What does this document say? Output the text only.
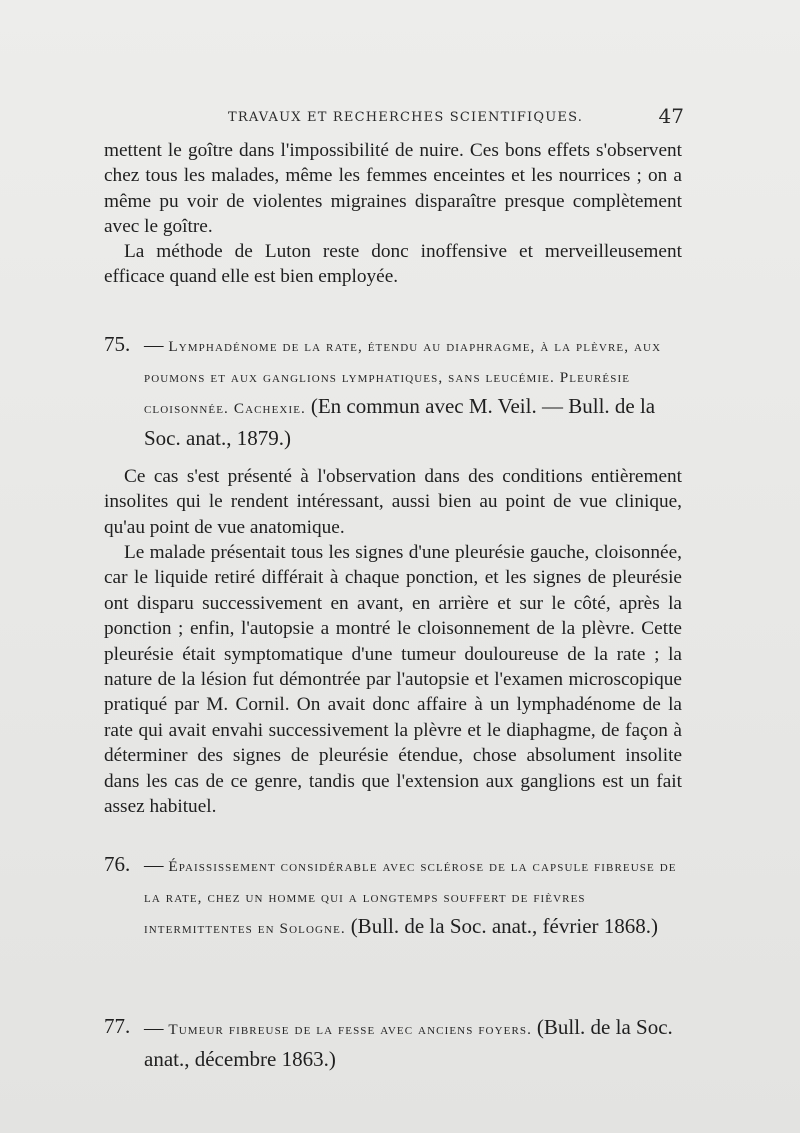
TRAVAUX ET RECHERCHES SCIENTIFIQUES.	47

mettent le goître dans l'impossibilité de nuire. Ces bons effets s'observent chez tous les malades, même les femmes enceintes et les nourrices ; on a même pu voir de violentes migraines disparaître presque complètement avec le goître.

La méthode de Luton reste donc inoffensive et merveilleusement efficace quand elle est bien employée.

75. — Lymphadénome de la rate, étendu au diaphragme, à la plèvre, aux poumons et aux ganglions lymphatiques, sans leucémie. Pleurésie cloisonnée. Cachexie. (En commun avec M. Veil. — Bull. de la Soc. anat., 1879.)

Ce cas s'est présenté à l'observation dans des conditions entièrement insolites qui le rendent intéressant, aussi bien au point de vue clinique, qu'au point de vue anatomique.

Le malade présentait tous les signes d'une pleurésie gauche, cloisonnée, car le liquide retiré différait à chaque ponction, et les signes de pleurésie ont disparu successivement en avant, en arrière et sur le côté, après la ponction ; enfin, l'autopsie a montré le cloisonnement de la plèvre. Cette pleurésie était symptomatique d'une tumeur douloureuse de la rate ; la nature de la lésion fut démontrée par l'autopsie et l'examen microscopique pratiqué par M. Cornil. On avait donc affaire à un lymphadénome de la rate qui avait envahi successivement la plèvre et le diaphagme, de façon à déterminer des signes de pleurésie étendue, chose absolument insolite dans les cas de ce genre, tandis que l'extension aux ganglions est un fait assez habituel.

76. — Épaississement considérable avec sclérose de la capsule fibreuse de la rate, chez un homme qui a longtemps souffert de fièvres intermittentes en Sologne. (Bull. de la Soc. anat., février 1868.)
77. — Tumeur fibreuse de la fesse avec anciens foyers. (Bull. de la Soc. anat., décembre 1863.)
